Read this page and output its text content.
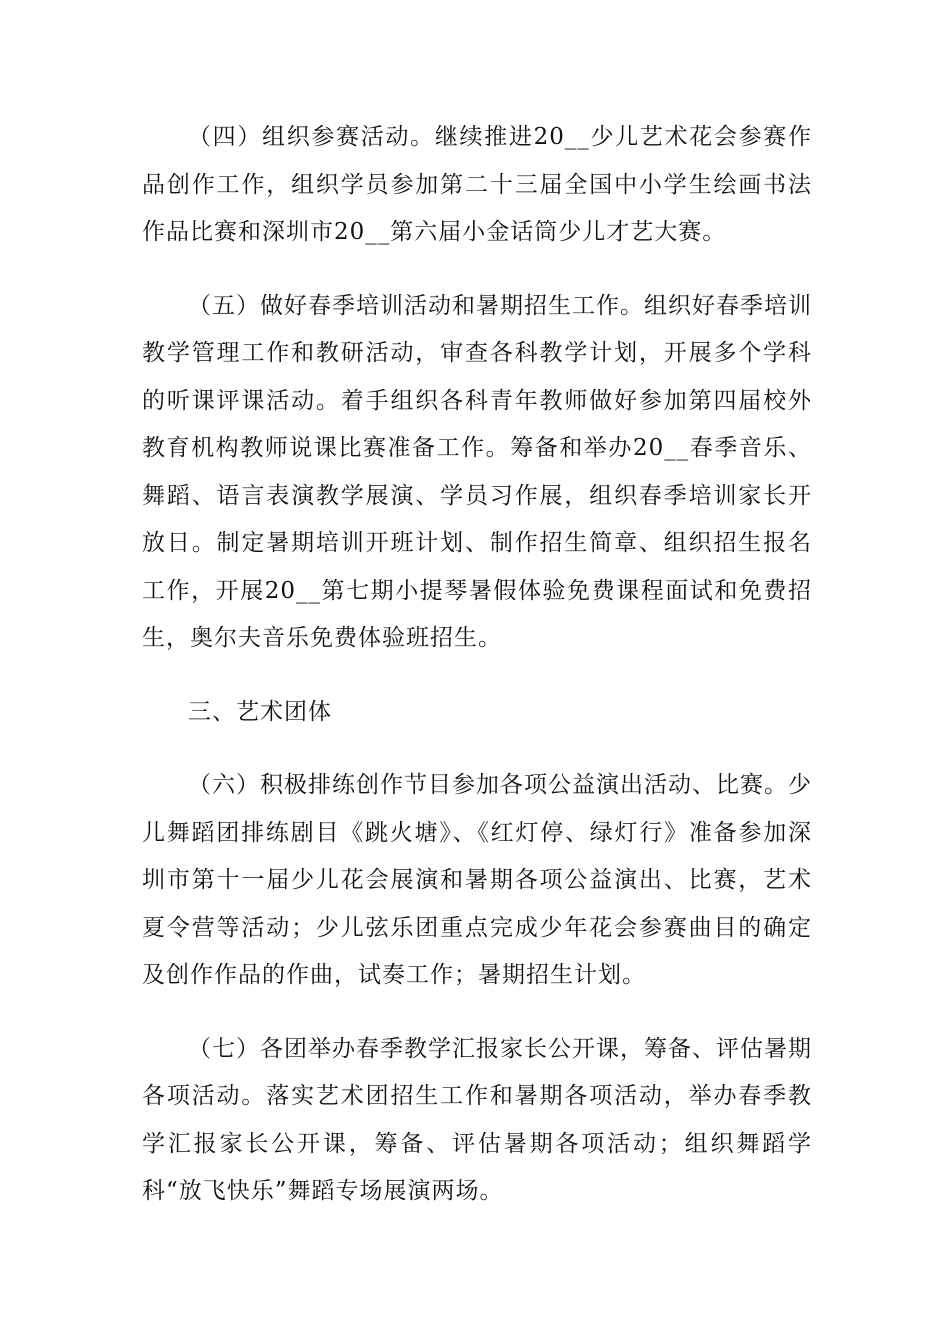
（四）组织参赛活动。继续推进20__少儿艺术花会参赛作品创作工作，组织学员参加第二十三届全国中小学生绘画书法作品比赛和深圳市20__第六届小金话筒少儿才艺大赛。

（五）做好春季培训活动和暑期招生工作。组织好春季培训教学管理工作和教研活动，审查各科教学计划，开展多个学科的听课评课活动。着手组织各科青年教师做好参加第四届校外教育机构教师说课比赛准备工作。筹备和举办20__春季音乐、舞蹈、语言表演教学展演、学员习作展，组织春季培训家长开放日。制定暑期培训开班计划、制作招生简章、组织招生报名工作，开展20__第七期小提琴暑假体验免费课程面试和免费招生，奥尔夫音乐免费体验班招生。

三、艺术团体

（六）积极排练创作节目参加各项公益演出活动、比赛。少儿舞蹈团排练剧目《跳火塘》、《红灯停、绿灯行》准备参加深圳市第十一届少儿花会展演和暑期各项公益演出、比赛，艺术夏令营等活动；少儿弦乐团重点完成少年花会参赛曲目的确定及创作作品的作曲，试奏工作；暑期招生计划。

（七）各团举办春季教学汇报家长公开课，筹备、评估暑期各项活动。落实艺术团招生工作和暑期各项活动，举办春季教学汇报家长公开课，筹备、评估暑期各项活动；组织舞蹈学科“放飞快乐”舞蹈专场展演两场。
